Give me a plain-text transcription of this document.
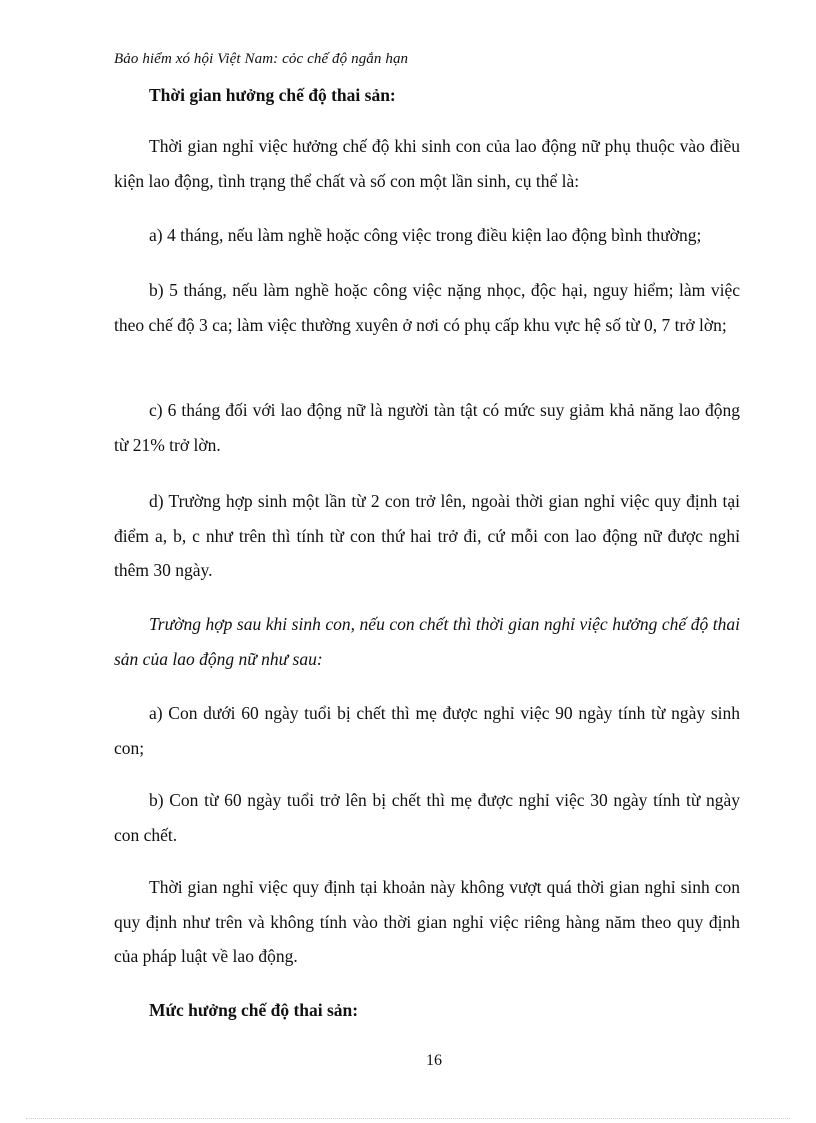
Bảo hiểm xó hội Việt Nam: cỏc chế độ ngắn hạn
Thời gian hưởng chế độ thai sản:
Thời gian nghỉ việc hưởng chế độ khi sinh con của lao động nữ phụ thuộc vào điều kiện lao động, tình trạng thể chất và số con một lần sinh, cụ thể là:
a) 4 tháng, nếu làm nghề hoặc công việc trong điều kiện lao động bình thường;
b) 5 tháng, nếu làm nghề hoặc công việc nặng nhọc, độc hại, nguy hiểm; làm việc theo chế độ 3 ca; làm việc thường xuyên ở nơi có phụ cấp khu vực hệ số từ 0, 7 trở lờn;
c) 6 tháng đối với lao động nữ là người tàn tật có mức suy giảm khả năng lao động từ 21% trở lờn.
d) Trường hợp sinh một lần từ 2 con trở lên, ngoài thời gian nghỉ việc quy định tại điểm a, b, c như trên thì tính từ con thứ hai trở đi, cứ mỗi con lao động nữ được nghỉ thêm 30 ngày.
Trường hợp sau khi sinh con, nếu con chết thì thời gian nghỉ việc hưởng chế độ thai sản của lao động nữ như sau:
a) Con dưới 60 ngày tuổi bị chết thì mẹ được nghỉ việc 90 ngày tính từ ngày sinh con;
b) Con từ 60 ngày tuổi trở lên bị chết thì mẹ được nghỉ việc 30 ngày tính từ ngày con chết.
Thời gian nghỉ việc quy định tại khoản này không vượt quá thời gian nghỉ sinh con quy định như trên và không tính vào thời gian nghỉ việc riêng hàng năm theo quy định của pháp luật về lao động.
Mức hưởng chế độ thai sản:
16
